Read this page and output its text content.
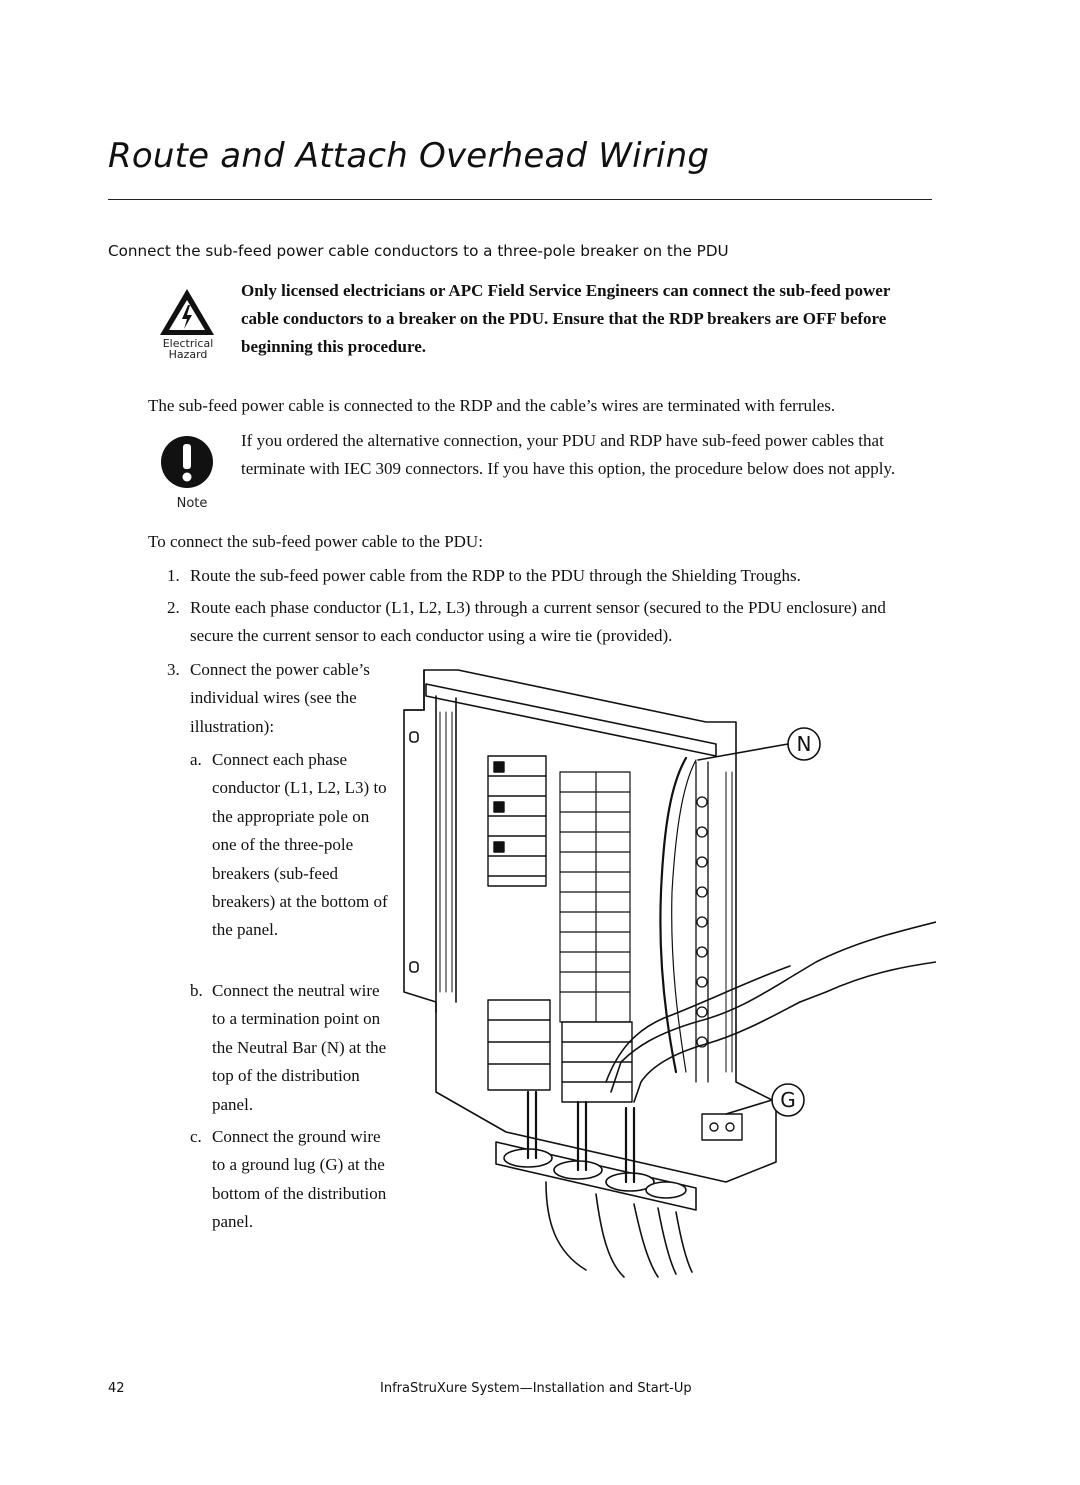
Route and Attach Overhead Wiring
Connect the sub-feed power cable conductors to a three-pole breaker on the PDU
Electrical
Hazard
Only licensed electricians or APC Field Service Engineers can connect the sub-feed power cable conductors to a breaker on the PDU. Ensure that the RDP breakers are OFF before beginning this procedure.
The sub-feed power cable is connected to the RDP and the cable’s wires are terminated with ferrules.
Note
If you ordered the alternative connection, your PDU and RDP have sub-feed power cables that terminate with IEC 309 connectors. If you have this option, the procedure below does not apply.
To connect the sub-feed power cable to the PDU:
1. Route the sub-feed power cable from the RDP to the PDU through the Shielding Troughs.
2. Route each phase conductor (L1, L2, L3) through a current sensor (secured to the PDU enclosure) and secure the current sensor to each conductor using a wire tie (provided).
3. Connect the power cable’s individual wires (see the illustration):
a. Connect each phase conductor (L1, L2, L3) to the appropriate pole on one of the three-pole breakers (sub-feed breakers) at the bottom of the panel.
b. Connect the neutral wire to a termination point on the Neutral Bar (N) at the top of the distribution panel.
c. Connect the ground wire to a ground lug (G) at the bottom of the distribution panel.
N
G
42	InfraStruXure System—Installation and Start-Up
